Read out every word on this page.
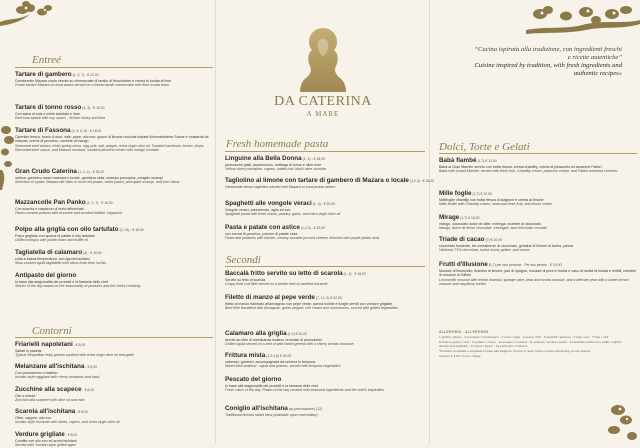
Entreé
Tartare di gambero(1, 2, 7) - € 22,00
Gamberetto Mazara crudo servito su cheesecake di tarallo al finocchietto e crema di ricotta al lime
Prawn tartare Mazara on local prawn served on a fennel taralli cheesecake with lime ricotta foam
Tartare di tonno rosso(4, 3) - € 18,00
Con salsa di soia e miele tartufato e lime
Red tuna tartare with soy sauce, , lichian honey and lime
Tartare di Fassona(3, 4, 6, 8) - € 18,00
Ciperlitto fresco, tuorlo d'uovo, sale, pepe, olio evo, gocce di limone nocciole tostate Worcestershire Sauce e mostarda de massax, crema di pecorino, crumble di mango
Seasoned beef tartare, fresh spring onion, egg yolk, salt, pepper, extra virgin olive oil, Toasted hazelnuts, lemon, drops, Worcestershire sauce, and Massax mustard, smoked pecorino cream with mango crumble
Gran Crudo Caterina(1, 2, 4) - € 35,00
ostrica, gambero rosso mazzara o locale, gambero viola, scampo porcupine, congelo scampi
Selection of oyster, Mazara del Vallo or local red prawn, violet prawn, porcupine scampi, and true clams
Mazzancolle Pan Panko(1, 2, 7) - € 16,00
Con scarola e carpaccio di burla affumicato
Panko-crusted prawns with escarole and smoked buffalo 'carpaccio'
Polpo alla griglia con olio tartufato(2, 14) - € 16,00
Polpo grigliato con spuma di patate e olio tartufato
Grilled octopus with potato foam and truffle oil
Tagliatella di calamaro(4) - € 15,00
cotta a bassa temperatura, con agrumi isolitani
Slow-cooked squid tagliatelle with citrus fruits from Ischia
Antipasto del giorno
In base alla stagionalità dei prodotti e la fantasia dello chef
Starter of the day based on the seasonality of products and the chef's creativity
Contorni
Friarielli napoletani- € 8,00
Saltati in padella
Typical Neapolitan leafy greens sautéed with extra virgin olive oil and garlic
Melanzane all'ischitana- € 8,00
Con pomodorino e basilico
Ischian-style eggplant with cherry tomatoes and basil
Zucchine alla scapece- € 8,00
Olio e menta
Zucchini alla scapece with olive oil and mint
Scarola all'ischitana- € 8,00
Olive, capperi, olio evo
Ischian-style escarole with olives, capers, and extra virgin olive oil
Verdure grigliate- € 8,00
Condite con olio evo ed aromi ischitani
Served with "Ischian-style grilled aged
DA CATERINA
A MARE
Fresh homemade pasta
Linguine alla Bella Donna(1, 4) - € 18,00
pomodorini gialli, peperoncino, bottarga di tonno e olive nere
Yellow cherry tomatoes, capers, salted cod, black olive crumble
Tagliolino al limone con tartare di gambero di Mazara o locale(1,2,3) - € 26,00
Handmade lemon tagliolino served with Mazara or local prawn tartare
Spaghetti alle vongole veraci(1, 4) - € 20,00
Vongole veraci, prezzemolo, aglio ed evo
Spaghetti pasta with fresh clams, parsley, garlic, and extra virgin olive oil
Pasta e patate con astice(1,2,3) - € 32,00
con crema di pecorino, polvere di patate viola
Pasta and potatoes with lobster, creamy smoked provola cheese, finished with purple potato dust
Secondi
Baccalà fritto servito su letto di scarola(1, 4) - € 18,00
Servito su letto di scarola
Crispy fried cod fillet served on a tender bed of sautéed escarole
Filetto di manzo al pepe verde(7, 12, 6) € 32,00
filetto di manzo fiambato all'armagnac con pepe verde, panna mobile e funghi serviti con verdure grigliate
Beef fillet flambéed with Armagnac, green pepper, rich cream and mushrooms, served with grilled vegetables
Calamaro alla griglia(1,4) € 20,00
servito su letto di mesticanza isolana, brunoise di pomodorini
Grilled squid served on a bed of wild mixed greens with a cherry tomato brunoise
Frittura mista(1,2,4,6) € 25,00
calamari, gamberi, accompagnata da verdure in tempura
Mixed fried seafood - squid and prawns, served with tempura vegetables
Pescato del giorno
In base alla stagionalità dei prodotti e la fantasia dello chef
Fresh catch of the day. Prawn of the day created with seasonal ingredients and the chef's inspiration
Coniglio all'ischitana(su prenotazione) (12)
Traditional Ischian rabbit stew (available upon reservation)
“Cucina ispirata alla tradizione, con ingredienti freschi e ricette autentiche”
Cuisine inspired by tradition, with fresh ingredients and authentic recipes»
Dolci, Torte e Gelati
Babà flambé(1,7) € 12,00
Babà al Gran Marnier servito con frutta fresca, crema chantilly, crema di pistacchio ed amarene Fabbri
Babà with Grand Marnier, served with fresh fruit, Chantilly cream, pistachio cream, and Fabbri amarena cherries.
Mille foglie(1,7) € 12,00
Millefoglie chantilly con frutta fresca di stagione e crema al limone
Mille-feuille with Chantilly cream, seasonal fresh fruit, and lemon cream
Mirage(1,7) € 10,00
mango, cioccolato dulce de latte, meringa, crumble di cioccolato
Mango, dulce de leche chocolate, meringue, and chocolate crumble.
Triade di cacao(7) € 10,00
cioccolato fondente, tre consistenze di cioccolato, gelatina di limone di Ischia, panna
Valrhona 71% chocolate, Ischia honey gellee, and cream
Frutti d'Illusione(1,7) per due persone - Per two person - € 19,00
Mousse di limoncello, tiramisù di limone, pan di spagna, mousse di pera e ricotta e vaso di ricotta di bufala e mirtilli, crumble di nocciole di Giffoni
Limoncello mousse with lemon tiramisù, sponge cake, pear and ricotta mousse, and a delicate pear with a sweet lemon mousse and raspberry sorbet
ALLERGENI - ALLERGENS

1 glutine / gluten · 2 crostacei / crustaceans · 3 uova / eggs · 4 pesce / fish · 5 arachidi / peanuts · 6 soia / soy · 7 latte / milk

8 frutta a guscio / nuts · 9 sedano / celery · 10 senape / mustard · 11 sesamo / sesame seeds · 12 anidride solforosa e solfiti / sulphur dioxide and sulphites · 13 lupini / lupins · 14 molluschi / molluscs

*Prodotto congelato o surgelato in base alla stagione. Frozen or deep frozen product depending on the season.

Coperto € 4,00 / Cover charge
